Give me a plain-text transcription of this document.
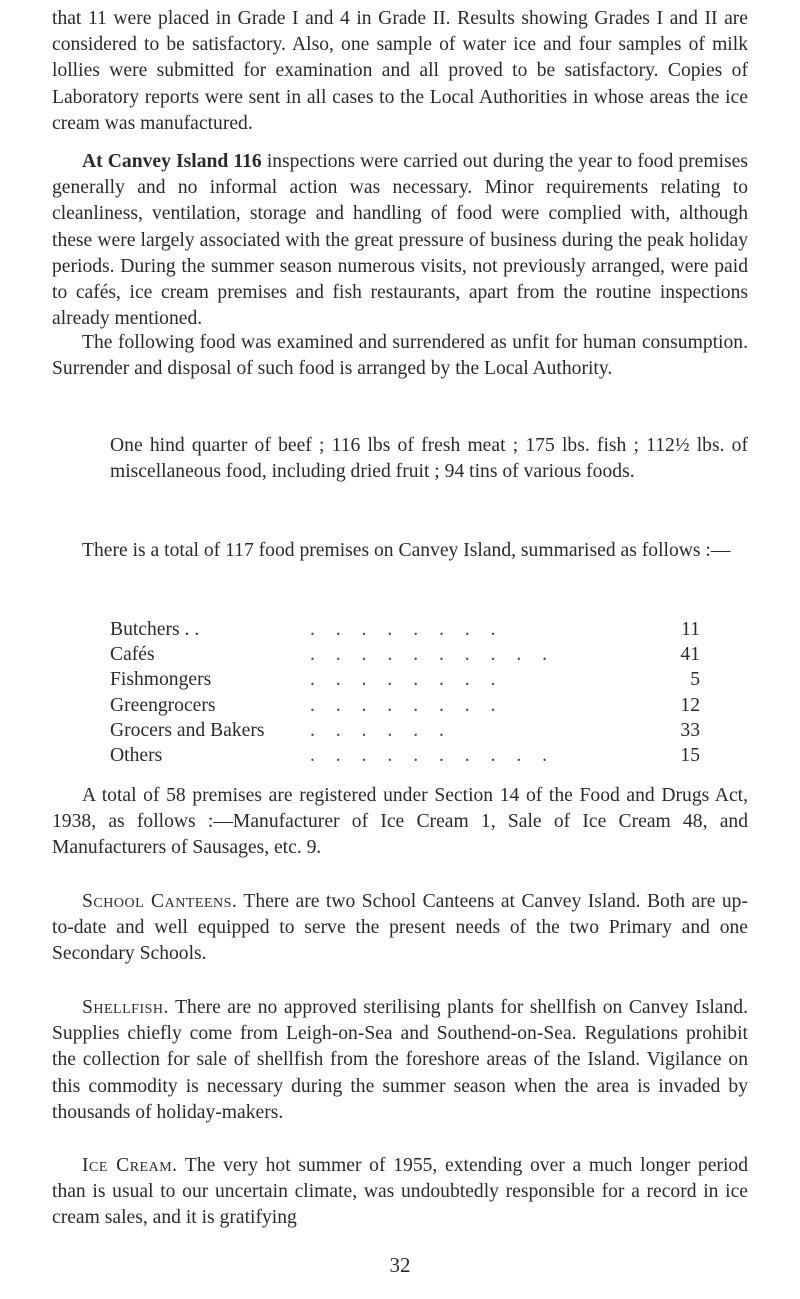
that 11 were placed in Grade I and 4 in Grade II. Results showing Grades I and II are considered to be satisfactory. Also, one sample of water ice and four samples of milk lollies were submitted for examination and all proved to be satisfactory. Copies of Laboratory reports were sent in all cases to the Local Authorities in whose areas the ice cream was manufactured.

At Canvey Island 116 inspections were carried out during the year to food premises generally and no informal action was necessary. Minor requirements relating to cleanliness, ventilation, storage and handling of food were complied with, although these were largely associated with the great pressure of business during the peak holiday periods. During the summer season numerous visits, not previously arranged, were paid to cafés, ice cream premises and fish restaurants, apart from the routine inspections already mentioned.

The following food was examined and surrendered as unfit for human consumption. Surrender and disposal of such food is arranged by the Local Authority.

One hind quarter of beef ; 116 lbs of fresh meat ; 175 lbs. fish ; 112½ lbs. of miscellaneous food, including dried fruit ; 94 tins of various foods.

There is a total of 117 food premises on Canvey Island, summarised as follows :—

Butchers . .	. . . . . . . .	11
Cafés	. . . . . . . . . .	41
Fishmongers	. . . . . . . .	5
Greengrocers	. . . . . . . .	12
Grocers and Bakers	. . . . . .	33
Others	. . . . . . . . . .	15

A total of 58 premises are registered under Section 14 of the Food and Drugs Act, 1938, as follows :—Manufacturer of Ice Cream 1, Sale of Ice Cream 48, and Manufacturers of Sausages, etc. 9.

School Canteens. There are two School Canteens at Canvey Island. Both are up-to-date and well equipped to serve the present needs of the two Primary and one Secondary Schools.

Shellfish. There are no approved sterilising plants for shellfish on Canvey Island. Supplies chiefly come from Leigh-on-Sea and Southend-on-Sea. Regulations prohibit the collection for sale of shellfish from the foreshore areas of the Island. Vigilance on this commodity is necessary during the summer season when the area is invaded by thousands of holiday-makers.

Ice Cream. The very hot summer of 1955, extending over a much longer period than is usual to our uncertain climate, was undoubtedly responsible for a record in ice cream sales, and it is gratifying

32
